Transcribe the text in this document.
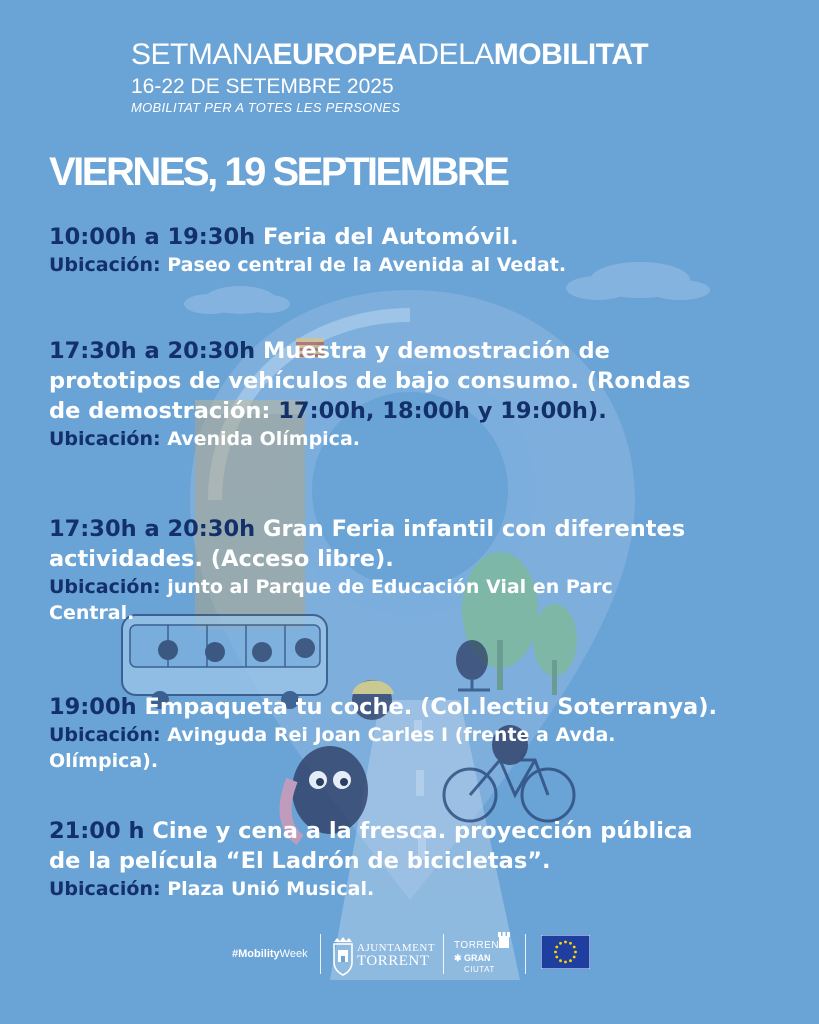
SETMANAEUROPEADELAMOBILITAT
16-22 DE SETEMBRE 2025
MOBILITAT PER A TOTES LES PERSONES
VIERNES, 19 SEPTIEMBRE
10:00h a 19:30h Feria del Automóvil.
Ubicación: Paseo central de la Avenida al Vedat.
17:30h a 20:30h Muestra y demostración de
prototipos de vehículos de bajo consumo. (Rondas
de demostración: 17:00h, 18:00h y 19:00h).
Ubicación: Avenida Olímpica.
17:30h a 20:30h Gran Feria infantil con diferentes
actividades. (Acceso libre).
Ubicación: junto al Parque de Educación Vial en Parc
Central.
19:00h Empaqueta tu coche. (Col.lectiu Soterranya).
Ubicación: Avinguda Rei Joan Carles I (frente a Avda.
Olímpica).
21:00 h Cine y cena a la fresca. proyección pública
de la película “El Ladrón de bicicletas”.
Ubicación: Plaza Unió Musical.
#MobilityWeek	AJUNTAMENT
TORRENT
TORRENT
✱ GRAN
CIUTAT
